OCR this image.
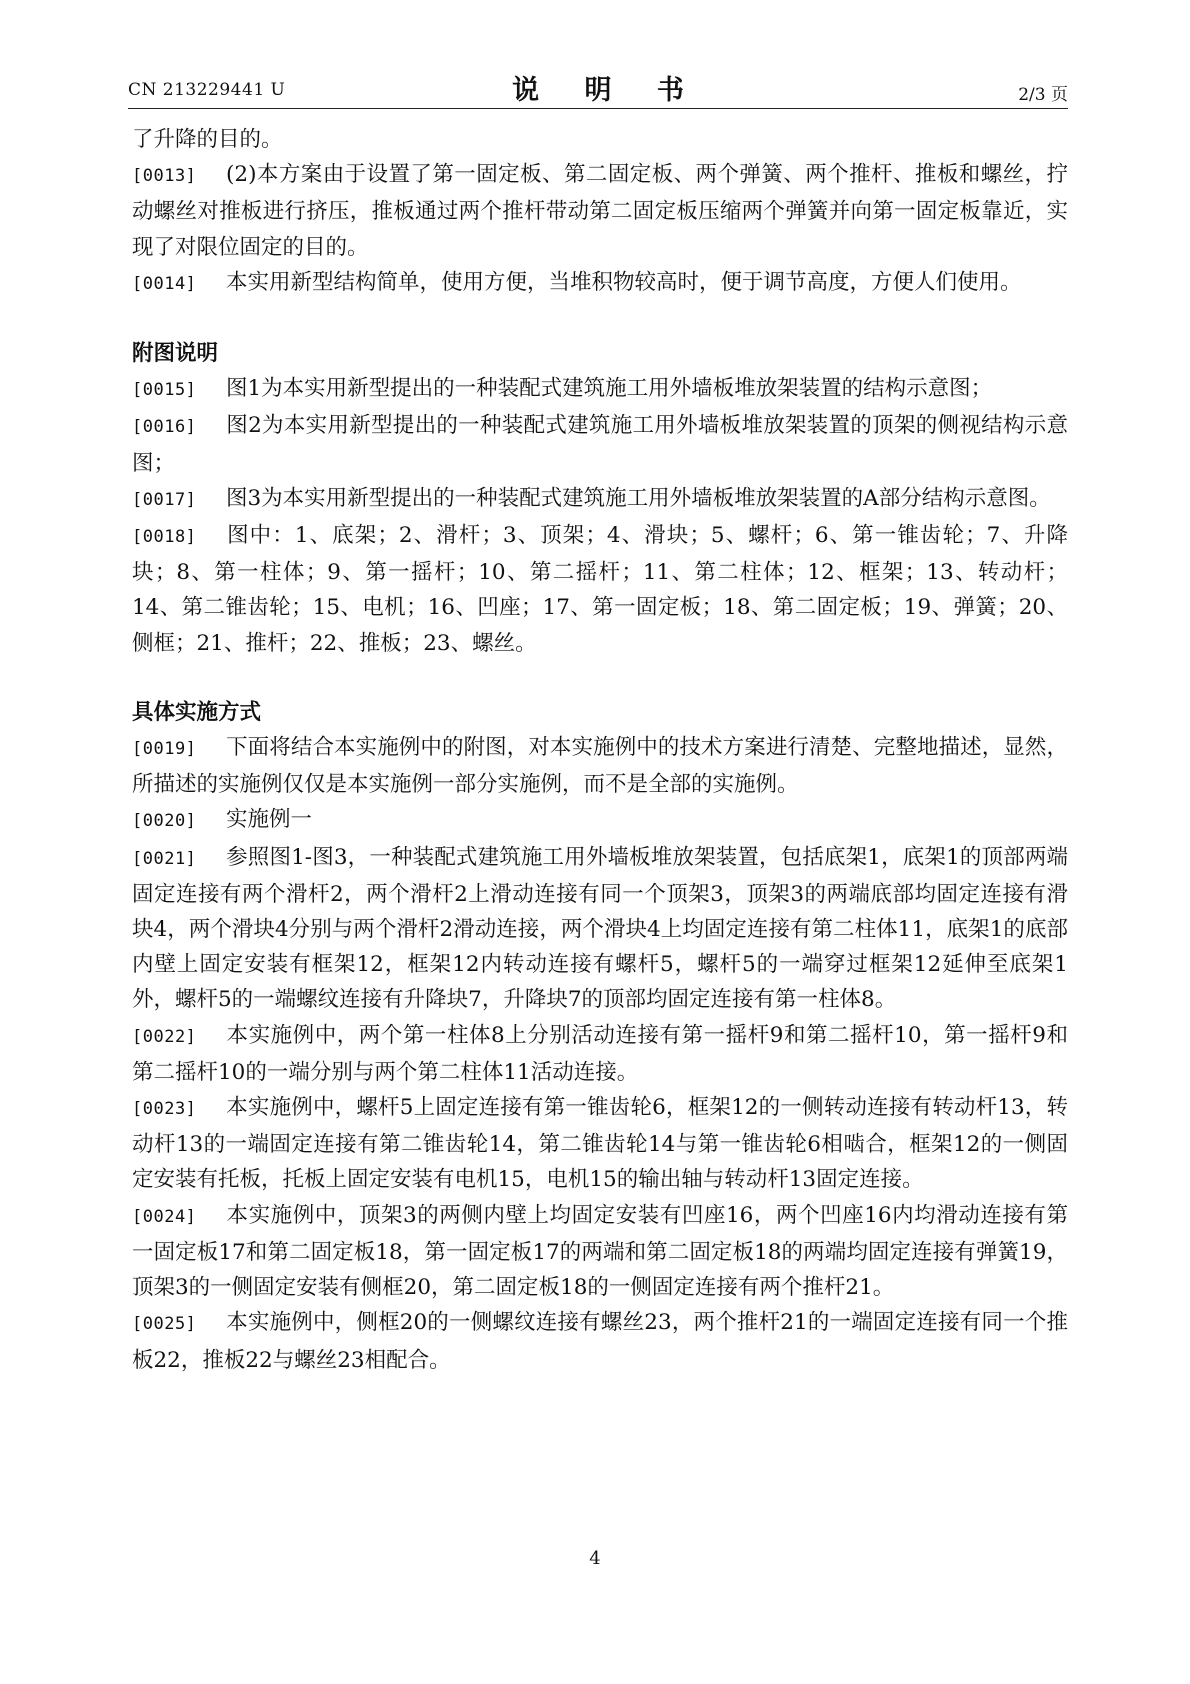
CN 213229441 U	说 明 书	2/3 页

了升降的目的。

[0013] (2)本方案由于设置了第一固定板、第二固定板、两个弹簧、两个推杆、推板和螺丝，拧动螺丝对推板进行挤压，推板通过两个推杆带动第二固定板压缩两个弹簧并向第一固定板靠近，实现了对限位固定的目的。

[0014] 本实用新型结构简单，使用方便，当堆积物较高时，便于调节高度，方便人们使用。

附图说明

[0015] 图1为本实用新型提出的一种装配式建筑施工用外墙板堆放架装置的结构示意图；

[0016] 图2为本实用新型提出的一种装配式建筑施工用外墙板堆放架装置的顶架的侧视结构示意图；

[0017] 图3为本实用新型提出的一种装配式建筑施工用外墙板堆放架装置的A部分结构示意图。

[0018] 图中：1、底架；2、滑杆；3、顶架；4、滑块；5、螺杆；6、第一锥齿轮；7、升降块；8、第一柱体；9、第一摇杆；10、第二摇杆；11、第二柱体；12、框架；13、转动杆；14、第二锥齿轮；15、电机；16、凹座；17、第一固定板；18、第二固定板；19、弹簧；20、侧框；21、推杆；22、推板；23、螺丝。

具体实施方式

[0019] 下面将结合本实施例中的附图，对本实施例中的技术方案进行清楚、完整地描述，显然，所描述的实施例仅仅是本实施例一部分实施例，而不是全部的实施例。

[0020] 实施例一

[0021] 参照图1-图3，一种装配式建筑施工用外墙板堆放架装置，包括底架1，底架1的顶部两端固定连接有两个滑杆2，两个滑杆2上滑动连接有同一个顶架3，顶架3的两端底部均固定连接有滑块4，两个滑块4分别与两个滑杆2滑动连接，两个滑块4上均固定连接有第二柱体11，底架1的底部内壁上固定安装有框架12，框架12内转动连接有螺杆5，螺杆5的一端穿过框架12延伸至底架1外，螺杆5的一端螺纹连接有升降块7，升降块7的顶部均固定连接有第一柱体8。

[0022] 本实施例中，两个第一柱体8上分别活动连接有第一摇杆9和第二摇杆10，第一摇杆9和第二摇杆10的一端分别与两个第二柱体11活动连接。

[0023] 本实施例中，螺杆5上固定连接有第一锥齿轮6，框架12的一侧转动连接有转动杆13，转动杆13的一端固定连接有第二锥齿轮14，第二锥齿轮14与第一锥齿轮6相啮合，框架12的一侧固定安装有托板，托板上固定安装有电机15，电机15的输出轴与转动杆13固定连接。

[0024] 本实施例中，顶架3的两侧内壁上均固定安装有凹座16，两个凹座16内均滑动连接有第一固定板17和第二固定板18，第一固定板17的两端和第二固定板18的两端均固定连接有弹簧19，顶架3的一侧固定安装有侧框20，第二固定板18的一侧固定连接有两个推杆21。

[0025] 本实施例中，侧框20的一侧螺纹连接有螺丝23，两个推杆21的一端固定连接有同一个推板22，推板22与螺丝23相配合。

4
